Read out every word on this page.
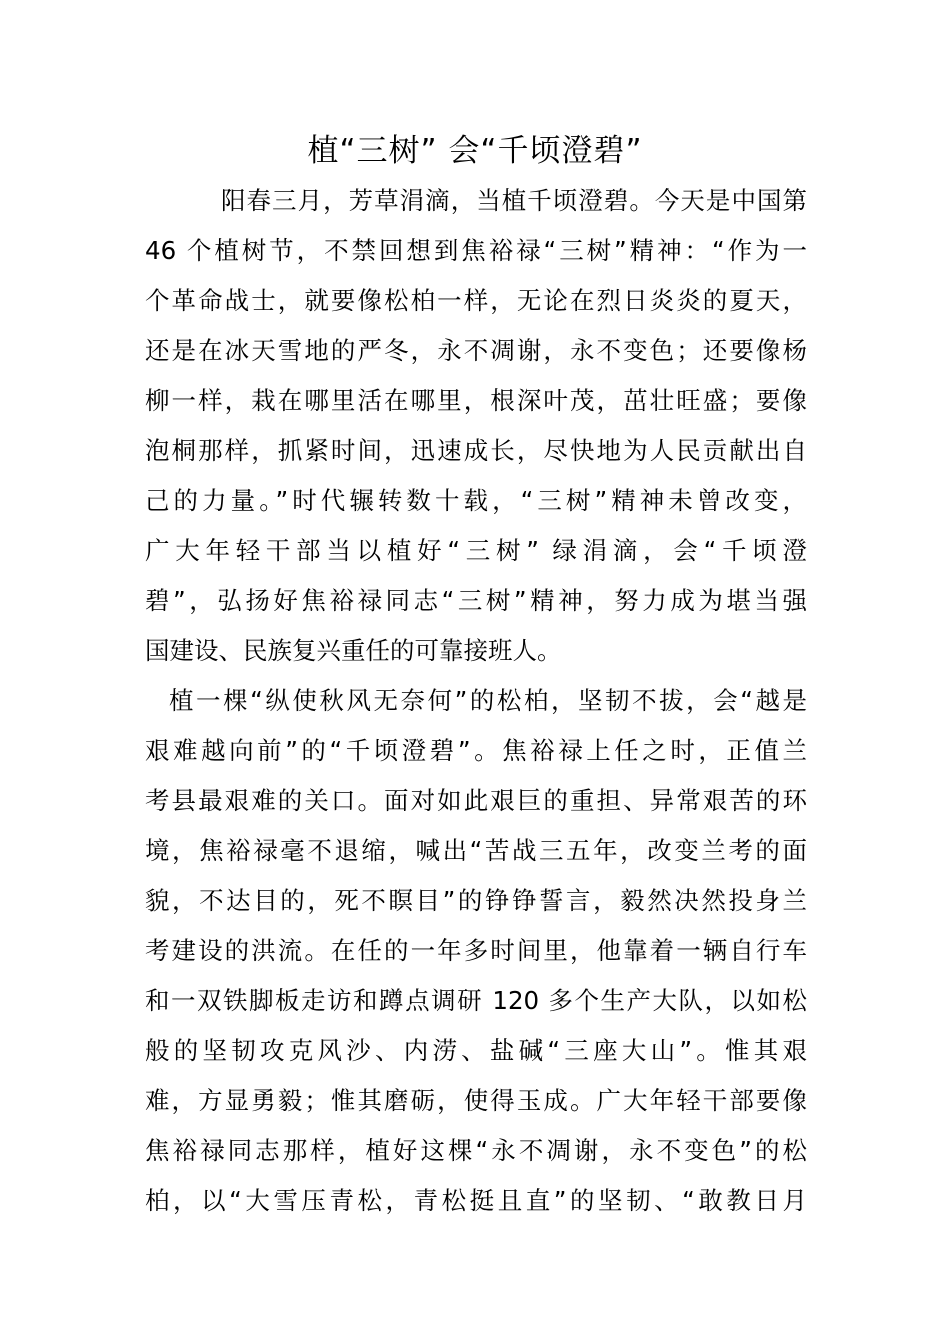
植“三树” 会“千顷澄碧”
阳春三月，芳草涓滴，当植千顷澄碧。今天是中国第
46 个植树节，不禁回想到焦裕禄“三树”精神：“作为一
个革命战士，就要像松柏一样，无论在烈日炎炎的夏天，
还是在冰天雪地的严冬，永不凋谢，永不变色；还要像杨
柳一样，栽在哪里活在哪里，根深叶茂，茁壮旺盛；要像
泡桐那样，抓紧时间，迅速成长，尽快地为人民贡献出自
己的力量。”时代辗转数十载，“三树”精神未曾改变，
广大年轻干部当以植好“三树” 绿涓滴，会“千顷澄
碧”，弘扬好焦裕禄同志“三树”精神，努力成为堪当强
国建设、民族复兴重任的可靠接班人。
植一棵“纵使秋风无奈何”的松柏，坚韧不拔，会“越是
艰难越向前”的“千顷澄碧”。焦裕禄上任之时，正值兰
考县最艰难的关口。面对如此艰巨的重担、异常艰苦的环
境，焦裕禄毫不退缩，喊出“苦战三五年，改变兰考的面
貌，不达目的，死不瞑目”的铮铮誓言，毅然决然投身兰
考建设的洪流。在任的一年多时间里，他靠着一辆自行车
和一双铁脚板走访和蹲点调研 120 多个生产大队，以如松
般的坚韧攻克风沙、内涝、盐碱“三座大山”。惟其艰
难，方显勇毅；惟其磨砺，使得玉成。广大年轻干部要像
焦裕禄同志那样，植好这棵“永不凋谢，永不变色”的松
柏，以“大雪压青松，青松挺且直”的坚韧、“敢教日月
